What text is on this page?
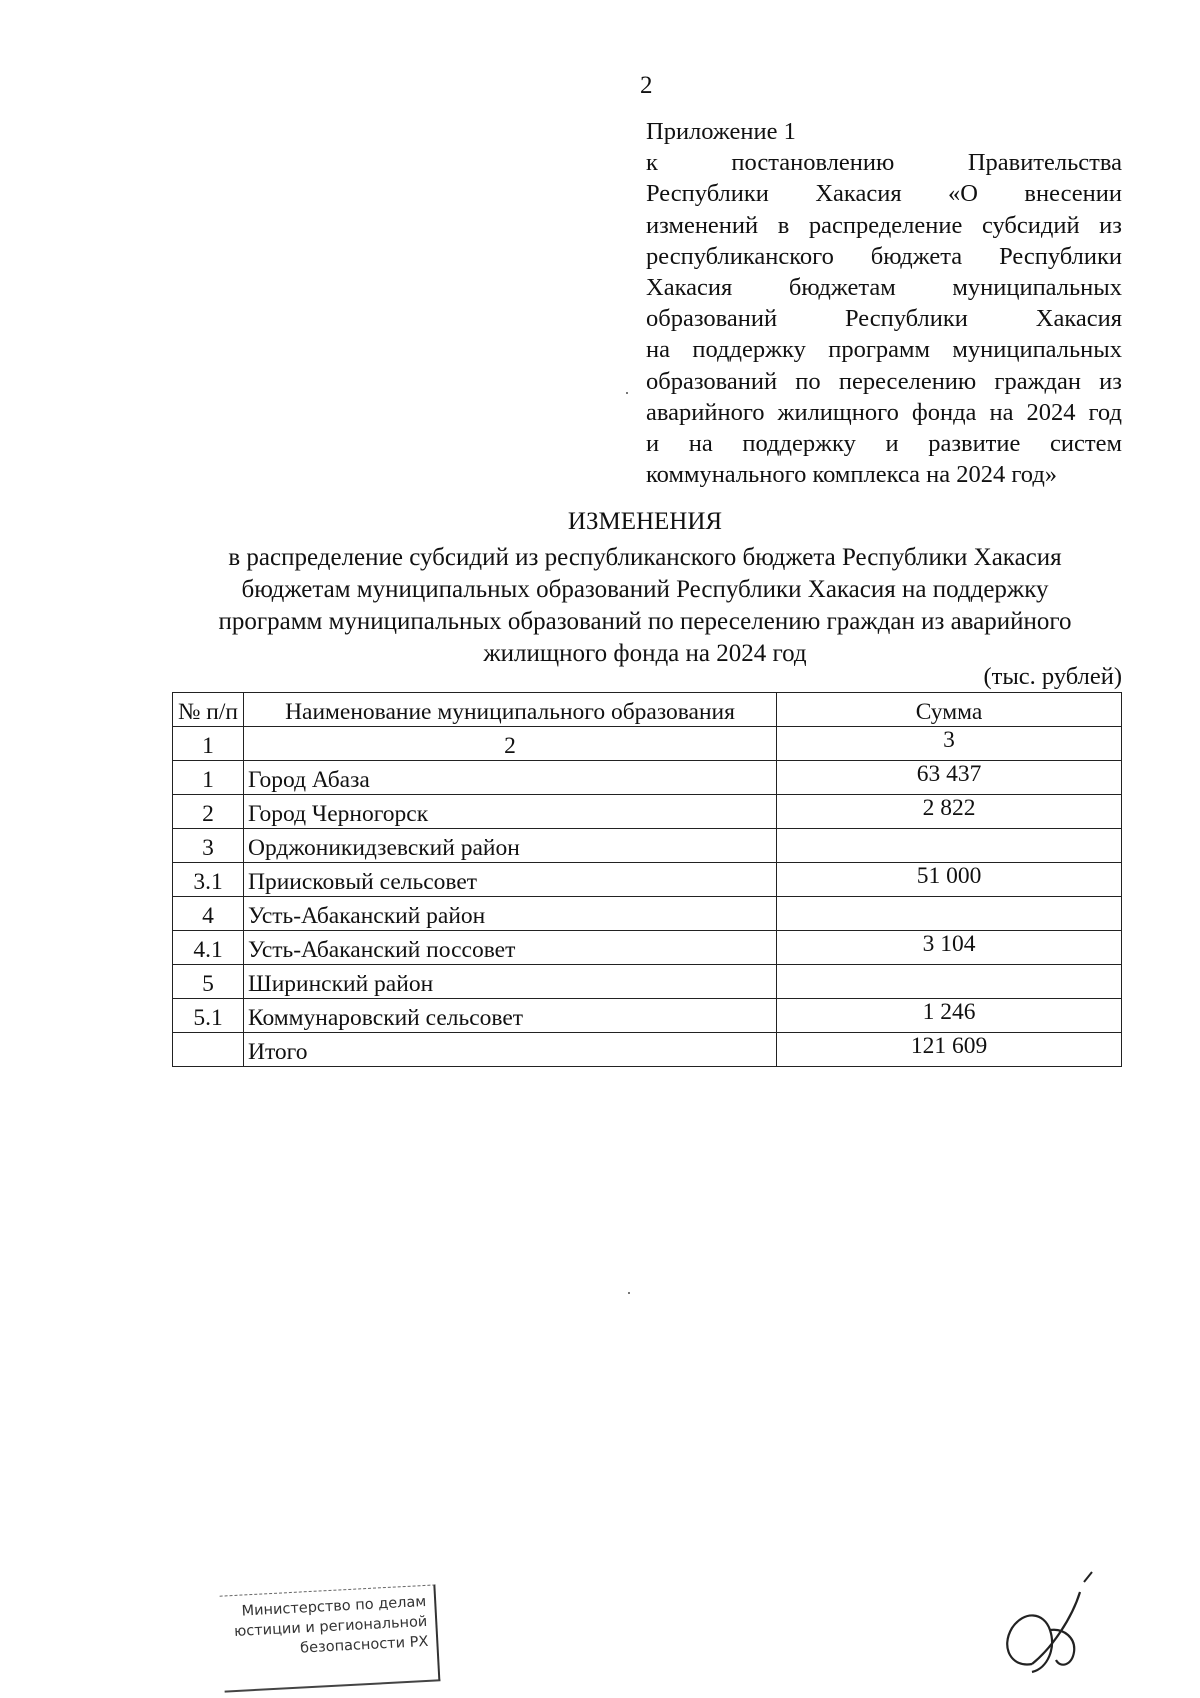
2
Приложение 1
к	постановлению	Правительства
Республики Хакасия «О внесении
изменений в распределение субсидий из
республиканского бюджета Республики
Хакасия бюджетам муниципальных
образований	Республики	Хакасия
на поддержку программ муниципальных
образований по переселению граждан из
аварийного жилищного фонда на 2024 год
и на поддержку и развитие систем
коммунального комплекса на 2024 год»
ИЗМЕНЕНИЯ
в распределение субсидий из республиканского бюджета Республики Хакасия
бюджетам муниципальных образований Республики Хакасия на поддержку
программ муниципальных образований по переселению граждан из аварийного
жилищного фонда на 2024 год
(тыс. рублей)
№ п/п	Наименование муниципального образования	Сумма
1	2	3
1	Город Абаза	63 437
2	Город Черногорск	2 822
3	Орджоникидзевский район	
3.1	Приисковый сельсовет	51 000
4	Усть-Абаканский район	
4.1	Усть-Абаканский поссовет	3 104
5	Ширинский район	
5.1	Коммунаровский сельсовет	1 246
	Итого	121 609
Министерство по делам
юстиции и региональной
безопасности РХ
